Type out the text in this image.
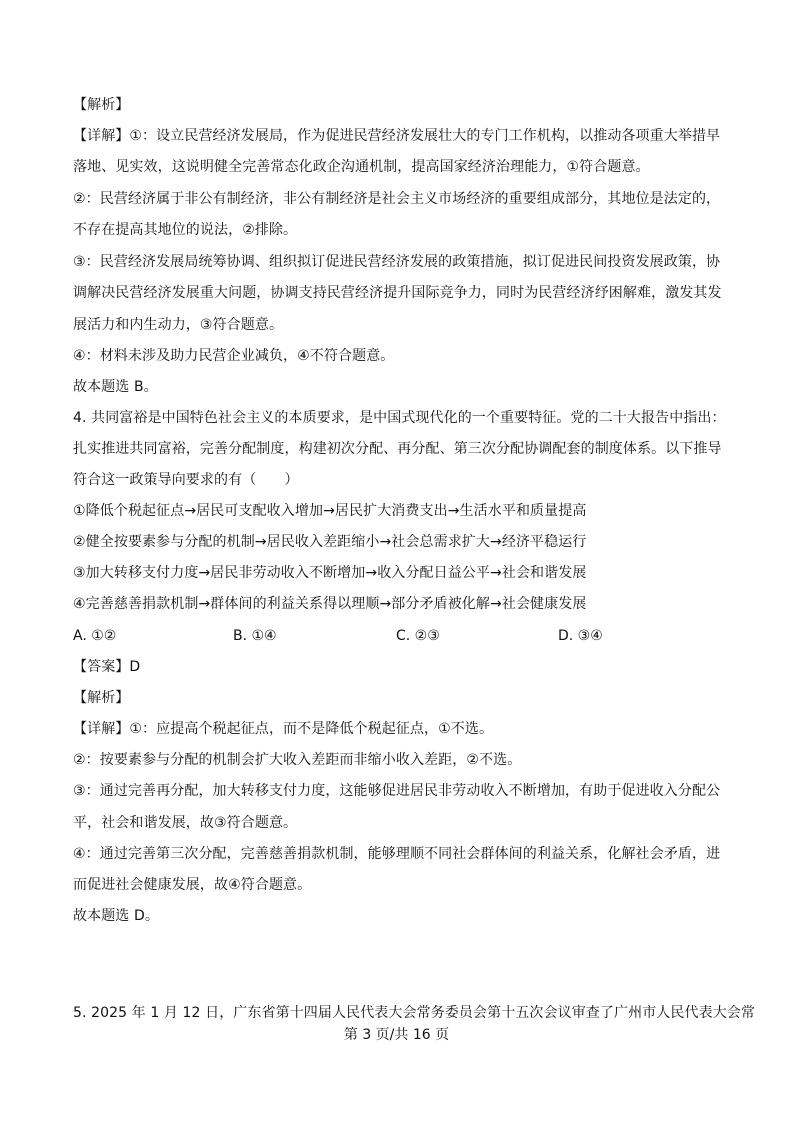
【解析】
【详解】①：设立民营经济发展局，作为促进民营经济发展壮大的专门工作机构，以推动各项重大举措早
落地、见实效，这说明健全完善常态化政企沟通机制，提高国家经济治理能力，①符合题意。
②：民营经济属于非公有制经济，非公有制经济是社会主义市场经济的重要组成部分，其地位是法定的，
不存在提高其地位的说法，②排除。
③：民营经济发展局统筹协调、组织拟订促进民营经济发展的政策措施，拟订促进民间投资发展政策，协
调解决民营经济发展重大问题，协调支持民营经济提升国际竞争力，同时为民营经济纾困解难，激发其发
展活力和内生动力，③符合题意。
④：材料未涉及助力民营企业减负，④不符合题意。
故本题选 B。
4. 共同富裕是中国特色社会主义的本质要求，是中国式现代化的一个重要特征。党的二十大报告中指出：
扎实推进共同富裕，完善分配制度，构建初次分配、再分配、第三次分配协调配套的制度体系。以下推导
符合这一政策导向要求的有（　　）
①降低个税起征点→居民可支配收入增加→居民扩大消费支出→生活水平和质量提高
②健全按要素参与分配的机制→居民收入差距缩小→社会总需求扩大→经济平稳运行
③加大转移支付力度→居民非劳动收入不断增加→收入分配日益公平→社会和谐发展
④完善慈善捐款机制→群体间的利益关系得以理顺→部分矛盾被化解→社会健康发展
A. ①②	B. ①④	C. ②③	D. ③④
【答案】D
【解析】
【详解】①：应提高个税起征点，而不是降低个税起征点，①不选。
②：按要素参与分配的机制会扩大收入差距而非缩小收入差距，②不选。
③：通过完善再分配，加大转移支付力度，这能够促进居民非劳动收入不断增加，有助于促进收入分配公
平，社会和谐发展，故③符合题意。
④：通过完善第三次分配，完善慈善捐款机制，能够理顺不同社会群体间的利益关系，化解社会矛盾，进
而促进社会健康发展，故④符合题意。
故本题选 D。
5. 2025 年 1 月 12 日，广东省第十四届人民代表大会常务委员会第十五次会议审查了广州市人民代表大会常
第 3 页/共 16 页
